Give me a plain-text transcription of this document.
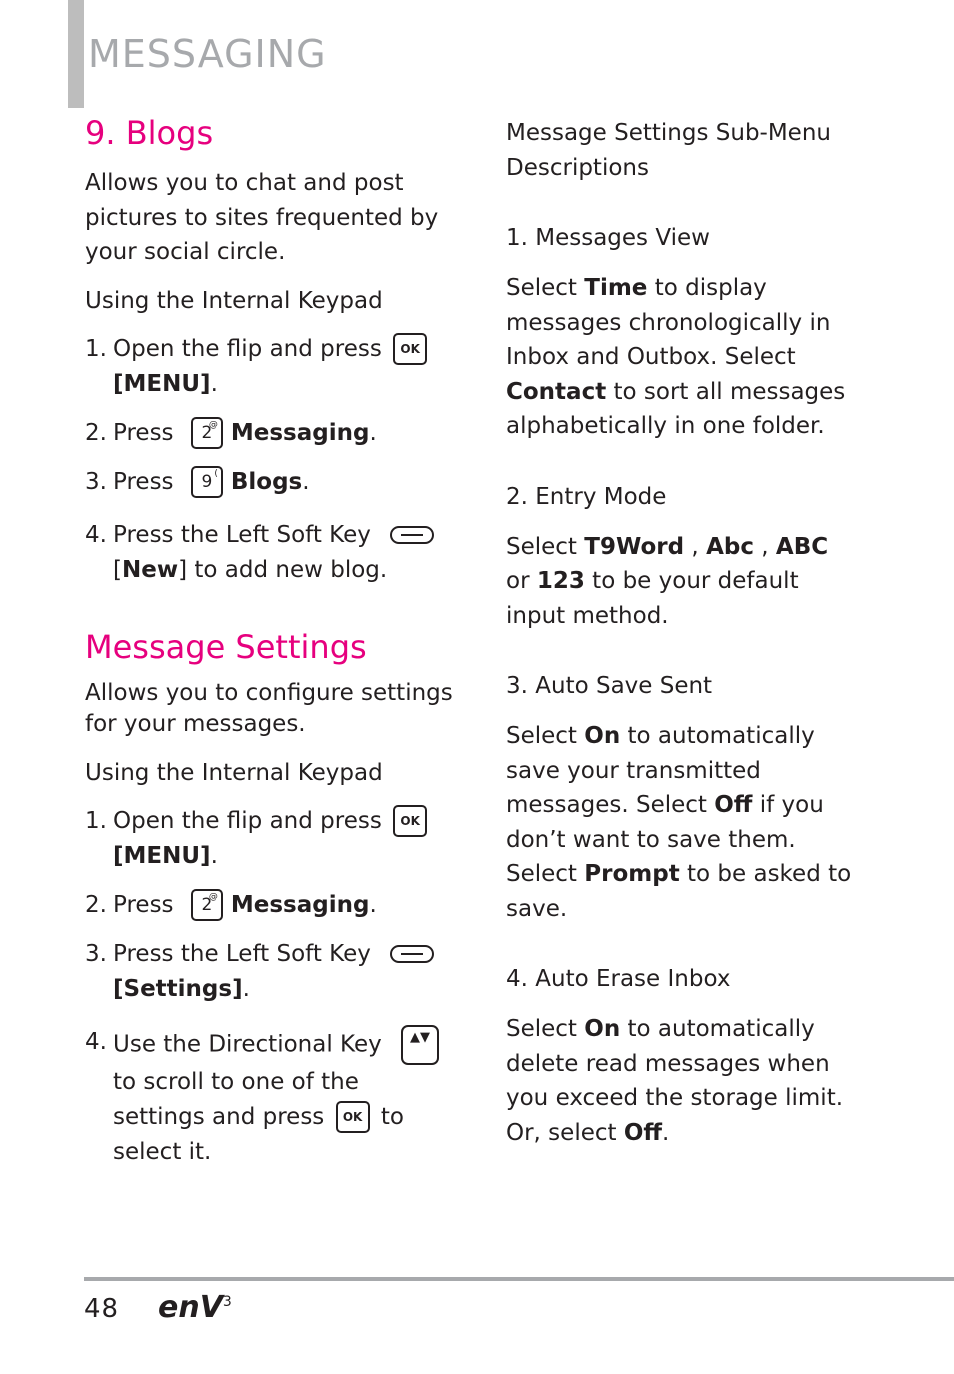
MESSAGING
9. Blogs

Allows you to chat and post pictures to sites frequented by your social circle.

Using the Internal Keypad

1. Open the flip and press OK
[MENU].
2. Press 2
@ Messaging.
3. Press 9 ( Blogs.
4. Press the Left Soft Key
[New] to add new blog.
Message Settings

Allows you to configure settings for your messages.

Using the Internal Keypad

1. Open the flip and press OK
[MENU].
2. Press 2
@ Messaging.
3. Press the Left Soft Key
[Settings].
4. Use the Directional Key ▲▼
to scroll to one of the settings and press OK to select it.

Message Settings Sub-Menu Descriptions

1. Messages View

Select Time to display messages chronologically in Inbox and Outbox. Select Contact to sort all messages alphabetically in one folder.

2. Entry Mode

Select T9Word , Abc , ABC or 123 to be your default input method.

3. Auto Save Sent

Select On to automatically save your transmitted messages. Select Off if you don’t want to save them. Select Prompt to be asked to save.

4. Auto Erase Inbox

Select On to automatically delete read messages when you exceed the storage limit. Or, select Off.

48 enV$^3$
